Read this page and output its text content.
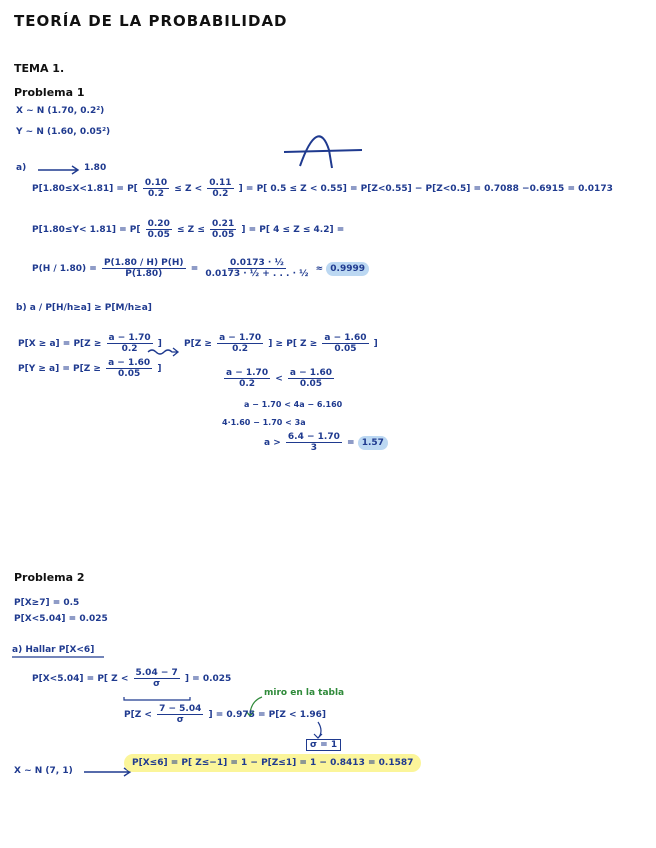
TEORÍA DE LA PROBABILIDAD
TEMA 1.
Problema 1
X ~ N (1.70, 0.2²)
Y ~ N (1.60, 0.05²)
a)	1.80
$P[1.80\le X<1.81] = P[ \frac{0.10}{0.2} \le Z < \frac{0.11}{0.2}$ ] = P[ 0.5 ≤ Z < 0.55] = P[Z<0.55] − P[Z<0.5] = 0.7088 −0.6915 = 0.0173
$P[1.80\le Y< 1.81] = P[ \frac{0.20}{0.05} \le Z \le \frac{0.21}{0.05}$ ] = P[ 4 ≤ Z ≤ 4.2] =
$P(H / 1.80) = \frac{P(1.80 / H) P(H)}{P(1.80)} = \frac{\text{0.0173 · ½}}{\text{0.0173 · ½ + . . . · ½}} \approx 0.9999$
b) a / P[H/h≥a] ≥ P[M/h≥a]
$P[X \ge a] = P[Z \ge \frac{a - 1.70}{0.2}$ ]
$P[Y \ge a] = P[Z \ge \frac{a - 1.60}{0.05}$ ]
$P[Z \ge \frac{a - 1.70}{0.2}$ ] ≥ P[ $Z \ge \frac{a - 1.60}{0.05}$ ]
$\frac{a - 1.70}{0.2} < \frac{a - 1.60}{0.05}$
a − 1.70 < 4a − 6.160
4·1.60 − 1.70 < 3a
$a > \frac{6.4 - 1.70}{3} = 1.57$
Problema 2
P[X≥7] = 0.5
P[X<5.04] = 0.025
a) Hallar P[X<6]
P[X<5.04] = P[ $Z < \frac{5.04 - 7}{\sigma}$ ] = 0.025
miro en la tabla
$P[Z < \frac{7 - 5.04}{\sigma}$ ] = 0.975 = P[Z < 1.96]
σ = 1
X ~ N (7, 1)
P[X≤6] = P[ Z≤−1] = 1 − P[Z≤1] = 1 − 0.8413 = 0.1587
